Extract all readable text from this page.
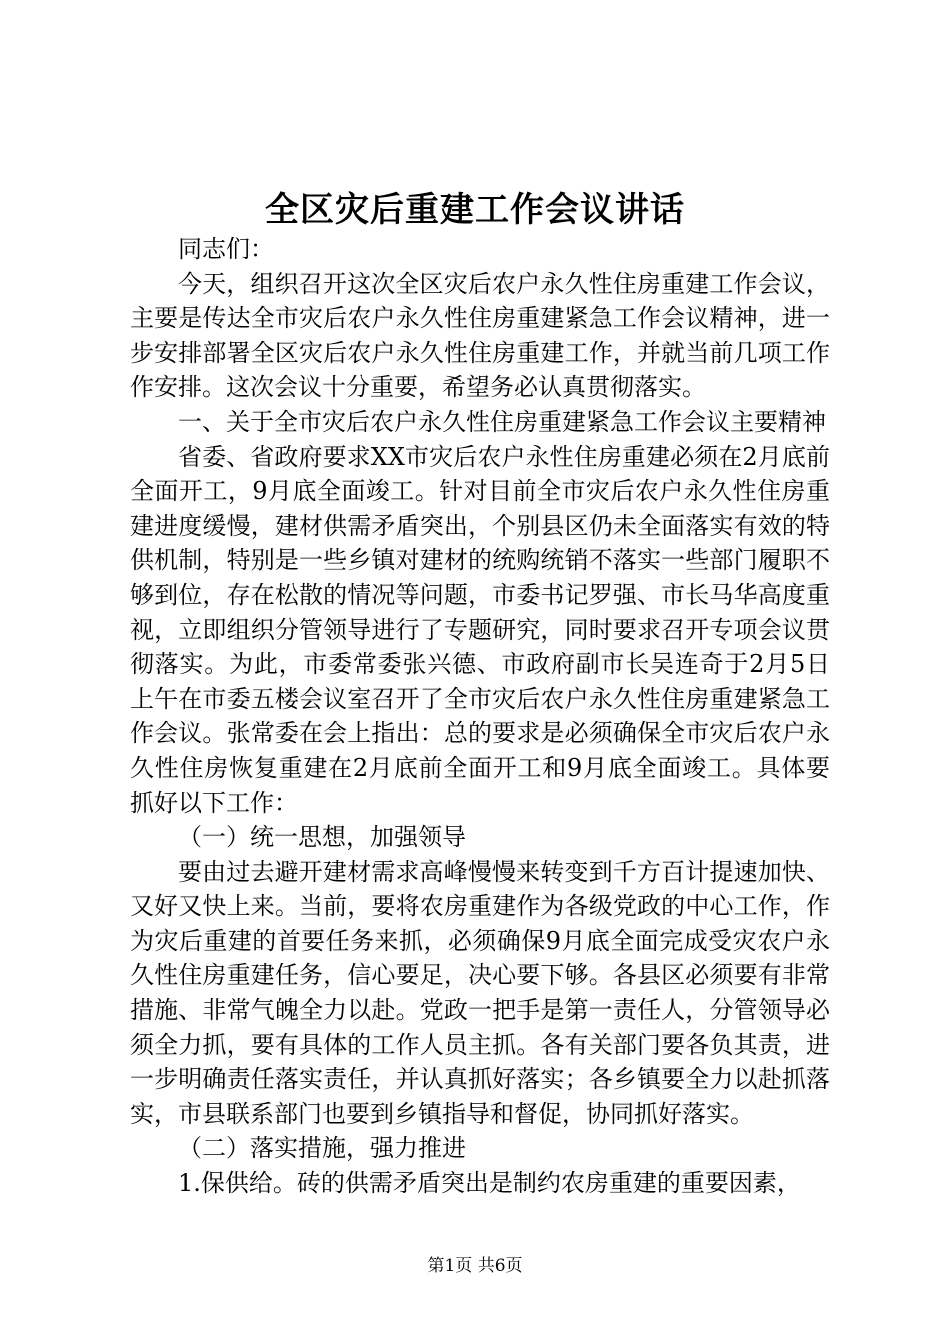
全区灾后重建工作会议讲话

同志们：

今天，组织召开这次全区灾后农户永久性住房重建工作会议，主要是传达全市灾后农户永久性住房重建紧急工作会议精神，进一步安排部署全区灾后农户永久性住房重建工作，并就当前几项工作作安排。这次会议十分重要，希望务必认真贯彻落实。

一、关于全市灾后农户永久性住房重建紧急工作会议主要精神

省委、省政府要求XX市灾后农户永性住房重建必须在2月底前全面开工，9月底全面竣工。针对目前全市灾后农户永久性住房重建进度缓慢，建材供需矛盾突出，个别县区仍未全面落实有效的特供机制，特别是一些乡镇对建材的统购统销不落实一些部门履职不够到位，存在松散的情况等问题，市委书记罗强、市长马华高度重视，立即组织分管领导进行了专题研究，同时要求召开专项会议贯彻落实。为此，市委常委张兴德、市政府副市长吴连奇于2月5日上午在市委五楼会议室召开了全市灾后农户永久性住房重建紧急工作会议。张常委在会上指出：总的要求是必须确保全市灾后农户永久性住房恢复重建在2月底前全面开工和9月底全面竣工。具体要抓好以下工作：

（一）统一思想，加强领导

要由过去避开建材需求高峰慢慢来转变到千方百计提速加快、又好又快上来。当前，要将农房重建作为各级党政的中心工作，作为灾后重建的首要任务来抓，必须确保9月底全面完成受灾农户永久性住房重建任务，信心要足，决心要下够。各县区必须要有非常措施、非常气魄全力以赴。党政一把手是第一责任人，分管领导必须全力抓，要有具体的工作人员主抓。各有关部门要各负其责，进一步明确责任落实责任，并认真抓好落实；各乡镇要全力以赴抓落实，市县联系部门也要到乡镇指导和督促，协同抓好落实。

（二）落实措施，强力推进

1.保供给。砖的供需矛盾突出是制约农房重建的重要因素，

第1页 共6页
